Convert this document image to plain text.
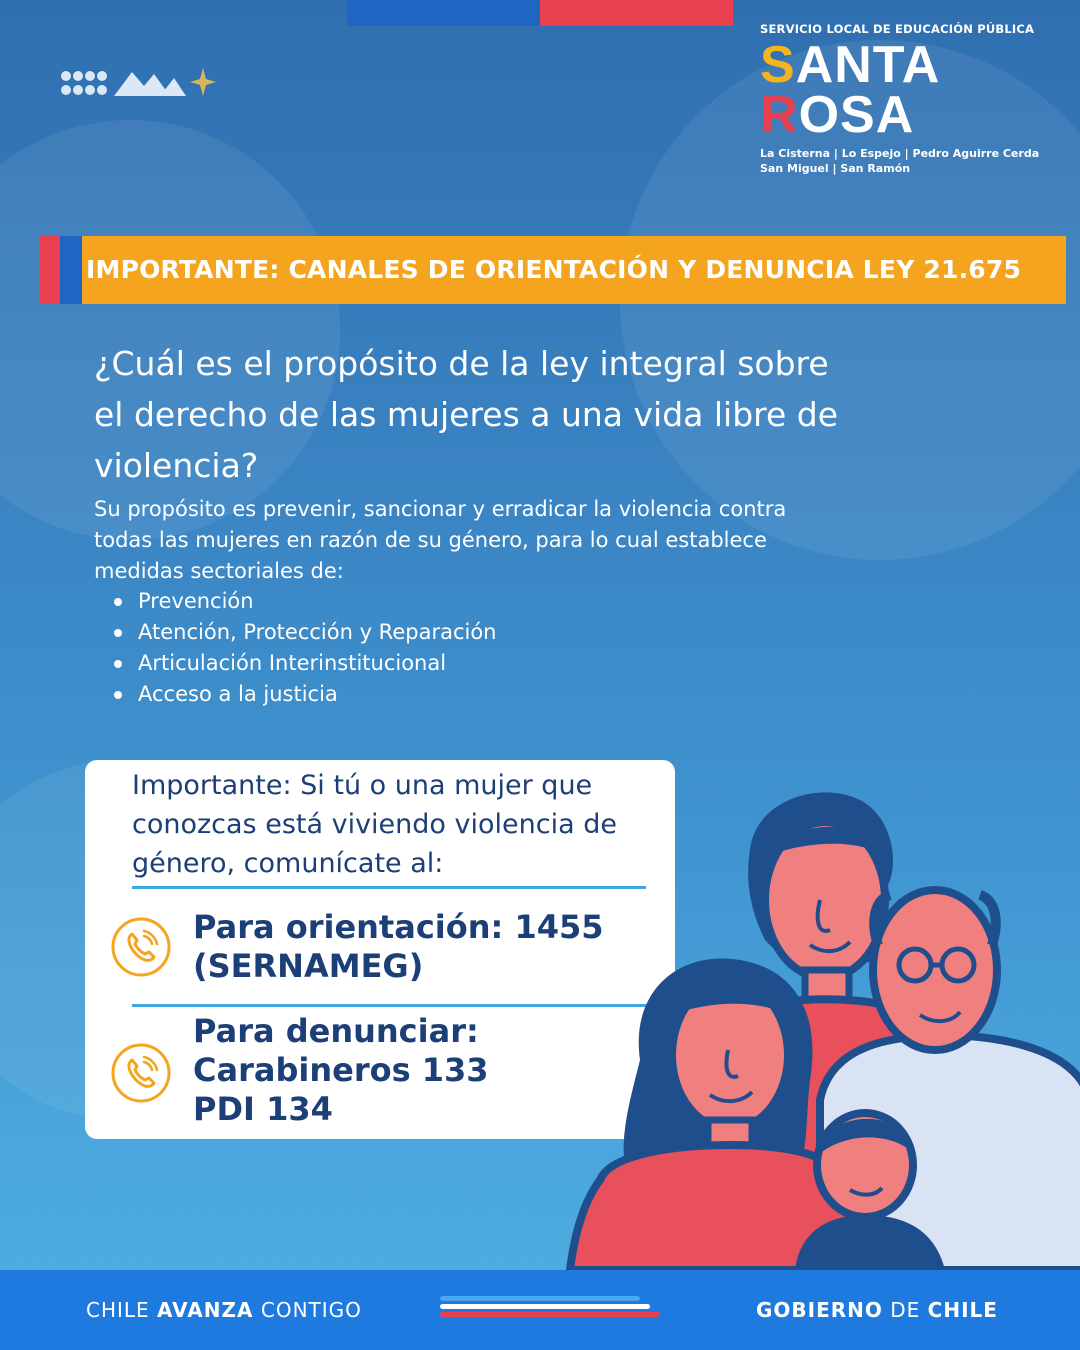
SERVICIO LOCAL DE EDUCACIÓN PÚBLICA
SANTA
ROSA
La Cisterna | Lo Espejo | Pedro Aguirre Cerda
San Miguel | San Ramón
IMPORTANTE: CANALES DE ORIENTACIÓN Y DENUNCIA LEY 21.675
¿Cuál es el propósito de la ley integral sobre
el derecho de las mujeres a una vida libre de
violencia?
Su propósito es prevenir, sancionar y erradicar la violencia contra
todas las mujeres en razón de su género, para lo cual establece
medidas sectoriales de:
Prevención
Atención, Protección y Reparación
Articulación Interinstitucional
Acceso a la justicia
Importante: Si tú o una mujer que
conozcas está viviendo violencia de
género, comunícate al:
Para orientación: 1455
(SERNAMEG)
Para denunciar:
Carabineros 133
PDI 134
CHILE AVANZA CONTIGO	GOBIERNO DE CHILE
